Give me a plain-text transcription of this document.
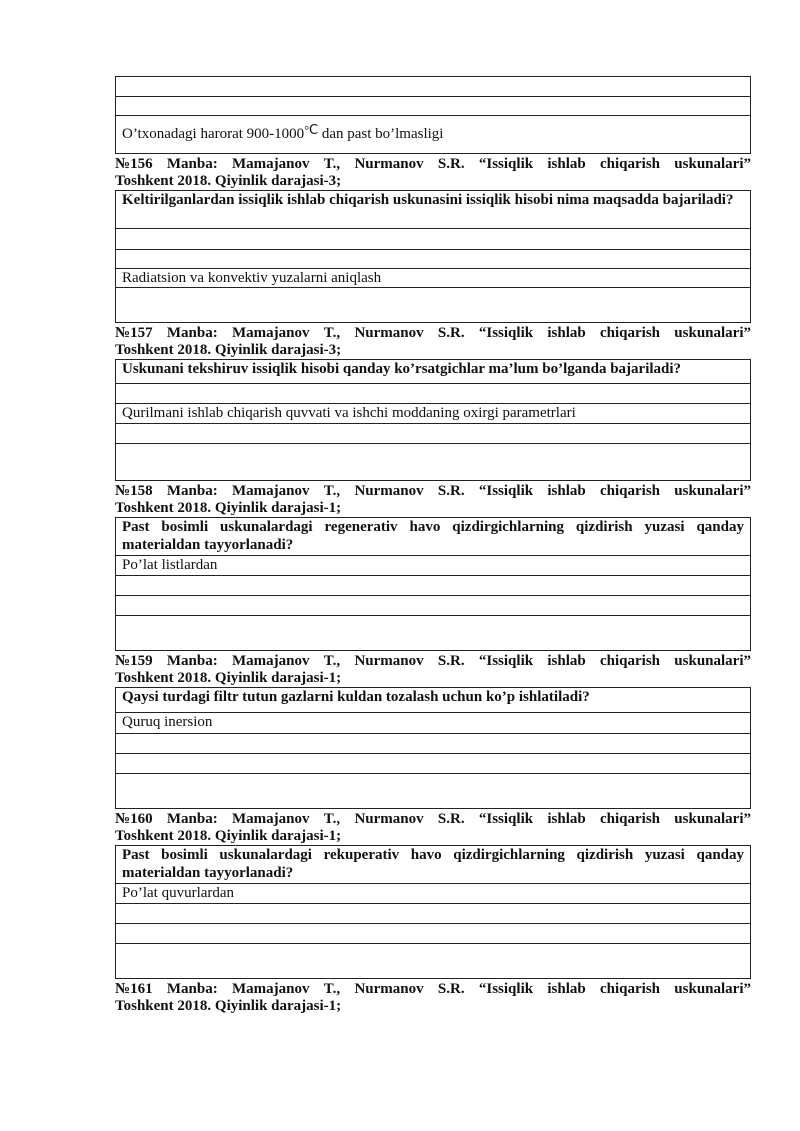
O’txonadagi harorat 900-1000°C dan past bo’lmasligi
№156 Manba: Mamajanov T., Nurmanov S.R. “Issiqlik ishlab chiqarish uskunalari”
Toshkent 2018. Qiyinlik darajasi-3;
Keltirilganlardan issiqlik ishlab chiqarish uskunasini issiqlik hisobi nima maqsadda bajariladi?

Radiatsion va konvektiv yuzalarni aniqlash

№157 Manba: Mamajanov T., Nurmanov S.R. “Issiqlik ishlab chiqarish uskunalari”
Toshkent 2018. Qiyinlik darajasi-3;
Uskunani tekshiruv issiqlik hisobi qanday ko’rsatgichlar ma’lum bo’lganda bajariladi?

Qurilmani ishlab chiqarish quvvati va ishchi moddaning oxirgi parametrlari

№158 Manba: Mamajanov T., Nurmanov S.R. “Issiqlik ishlab chiqarish uskunalari”
Toshkent 2018. Qiyinlik darajasi-1;
Past bosimli uskunalardagi regenerativ havo qizdirgichlarning qizdirish yuzasi qanday materialdan tayyorlanadi?
Po’lat listlardan

№159 Manba: Mamajanov T., Nurmanov S.R. “Issiqlik ishlab chiqarish uskunalari”
Toshkent 2018. Qiyinlik darajasi-1;
Qaysi turdagi filtr tutun gazlarni kuldan tozalash uchun ko’p ishlatiladi?
Quruq inersion

№160 Manba: Mamajanov T., Nurmanov S.R. “Issiqlik ishlab chiqarish uskunalari”
Toshkent 2018. Qiyinlik darajasi-1;
Past bosimli uskunalardagi rekuperativ havo qizdirgichlarning qizdirish yuzasi qanday materialdan tayyorlanadi?
Po’lat quvurlardan

№161 Manba: Mamajanov T., Nurmanov S.R. “Issiqlik ishlab chiqarish uskunalari”
Toshkent 2018. Qiyinlik darajasi-1;
